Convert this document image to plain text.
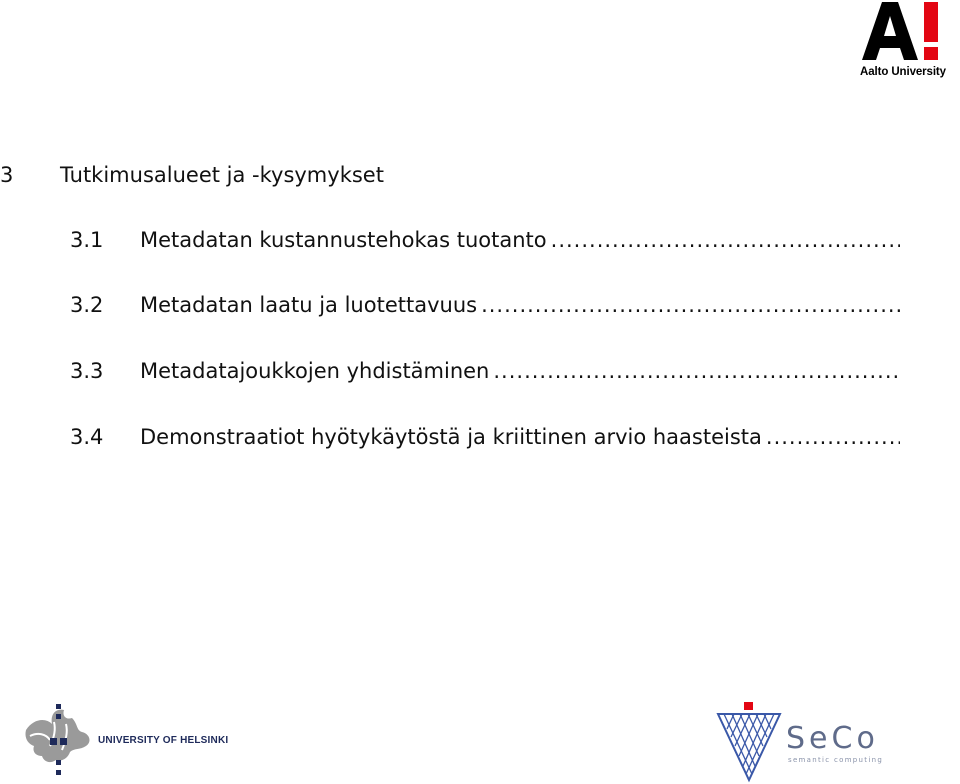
Aalto University
3 Tutkimusalueet ja -kysymykset
3.1 Metadatan kustannustehokas tuotanto
.....
3.2 Metadatan laatu ja luotettavuus
.....
3.3 Metadatajoukkojen yhdistäminen
.....
3.4 Demonstraatiot hyötykäytöstä ja kriittinen arvio haasteista
.....
UNIVERSITY OF HELSINKI	SeCo
semantic computing
